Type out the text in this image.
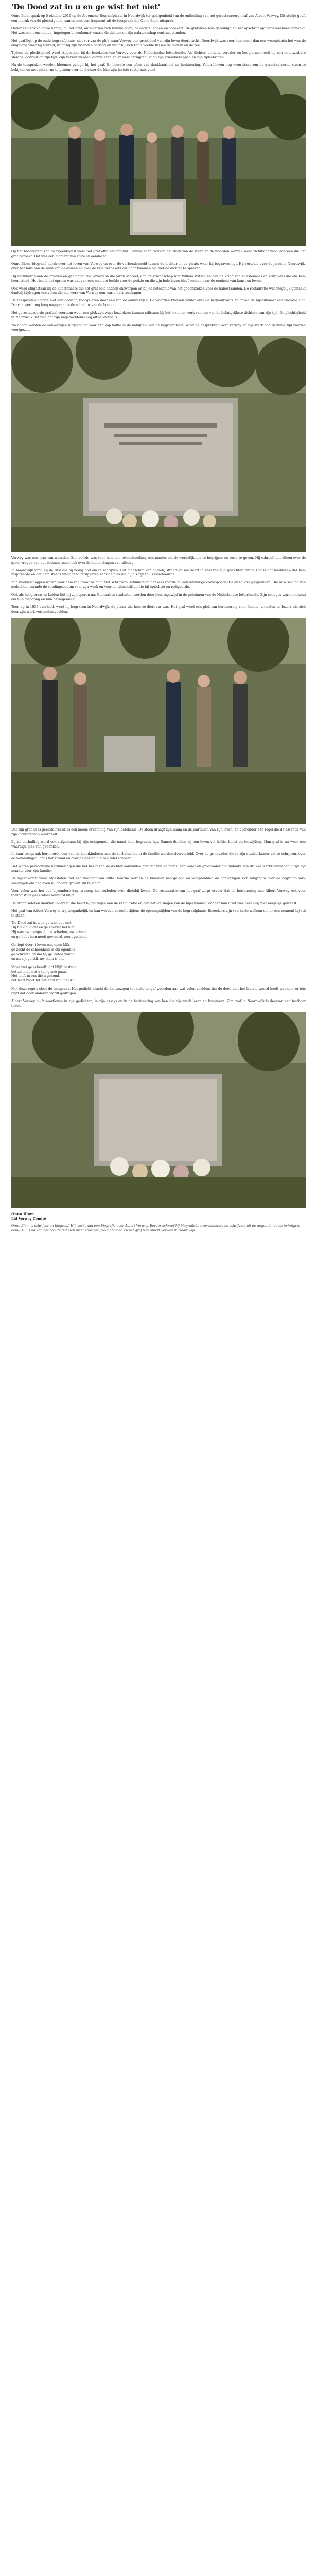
'De Dood zat in u en ge wist het niet'

Onno Blom sprak op 5 oktober 2019 op de Algemene Begraafplaats in Noordwijk ter gelegenheid van de onthulling van het gerestaureerd graf van Albert Verwey. Dit stukje geeft een indruk van de plechtigheid, samen met een fragment uit de toespraak die Onno Blom uitsprak.

Onder een strakblauwe hemel, bij het graf, ontmoetten zich familieleden, belangstellenden en sprekers. De grafsteen was gereinigd en het opschrift opnieuw leesbaar gemaakt. Het was een eenvoudige, ingetogen bijeenkomst waarin de dichter en zijn nalatenschap centraal stonden.

Het graf ligt op de oude begraafplaats, niet ver van de plek waar Verwey een groot deel van zijn leven doorbracht. Noordwijk was voor hem meer dan een woonplaats: het was de omgeving waar hij schreef, waar hij zijn vrienden ontving en waar hij zich thuis voelde tussen de duinen en de zee.

Tijdens de plechtigheid werd stilgestaan bij de betekenis van Verwey voor de Nederlandse letterkunde. Als dichter, criticus, vertaler en hoogleraar heeft hij een onuitwisbare stempel gedrukt op zijn tijd. Zijn verzen werden voorgelezen en er werd teruggeblikt op zijn vriendschappen en zijn tijdschriften.

Na de toespraken werden bloemen gelegd bij het graf. Er heerste een sfeer van dankbaarheid en herinnering. Velen bleven nog even staan om de gerestaureerde steen te bekijken en met elkaar na te praten over de dichter die hier zijn laatste rustplaats vond.

Op het hoogtepunt van de bijeenkomst werd het graf officieel onthuld. Familieleden trokken het doek van de steen en de woorden werden weer zichtbaar voor iedereen die het graf bezoekt. Het was een moment van stilte en aandacht.

Onno Blom, biograaf, sprak over het leven van Verwey en over de verbondenheid tussen de dichter en de plaats waar hij begraven ligt. Hij vertelde over de jaren in Noordwijk, over het huis aan de rand van de duinen en over de vele bezoekers die daar kwamen om met de dichter te spreken.

Hij herinnerde aan de brieven en gedichten die Verwey in die jaren schreef, aan de vriendschap met Willem Witsen en aan de kring van kunstenaars en schrijvers die om hem heen stond. Het beeld dat oprees was dat van een man die leefde voor de poëzie en die zijn hele leven bleef zoeken naar de eenheid van kunst en leven.

Ook werd stilgestaan bij de kunstenaars die het graf ooit hebben ontworpen en bij de betekenis van het gedenkteken voor de nabestaanden. De restauratie was mogelijk gemaakt dankzij bijdragen van velen die het werk van Verwey een warm hart toedragen.

De toespraak eindigde met een gedicht, voorgelezen door een van de aanwezigen. De woorden klonken helder over de begraafplaats en gaven de bijeenkomst een waardig slot. Daarna werd nog lang nagepraat in de schaduw van de bomen.

Het gerestaureerde graf zal voortaan weer een plek zijn waar bezoekers kunnen stilstaan bij het leven en werk van een van de belangrijkste dichters van zijn tijd. De plechtigheid in Noordwijk liet zien dat zijn nagedachtenis nog altijd levend is.

Na afloop werden de aanwezigen uitgenodigd voor een kop koffie in de nabijheid van de begraafplaats, waar de gesprekken over Verwey en zijn werk nog geruime tijd werden voortgezet.

Verwey was een man van woorden. Zijn poëzie was voor hem een levenshouding, een manier om de werkelijkheid te begrijpen en vorm te geven. Hij schreef niet alleen over de grote vragen van het bestaan, maar ook over de kleine dingen van alledag.

In Noordwijk vond hij de rust die hij nodig had om te schrijven. Het landschap van duinen, strand en zee keert in veel van zijn gedichten terug. Het is dat landschap dat hem inspireerde en dat hem steeds weer deed terugkeren naar de plek die hij als zijn thuis beschouwde.

Zijn vriendschappen waren voor hem van groot belang. Met schrijvers, schilders en denkers voerde hij een levendige correspondentie en talloze gesprekken. Die uitwisseling van gedachten vormde de voedingsbodem voor zijn werk en voor de tijdschriften die hij oprichtte en redigeerde.

Ook als hoogleraar in Leiden liet hij zijn sporen na. Generaties studenten werden door hem ingewijd in de geheimen van de Nederlandse letterkunde. Zijn colleges waren bekend om hun diepgang en hun bevlogenheid.

Toen hij in 1937 overleed, werd hij begraven in Noordwijk, de plaats die hem zo dierbaar was. Het graf werd een plek van herinnering voor familie, vrienden en lezers die zich door zijn werk verbonden voelden.

Dat zijn graf nu is gerestaureerd, is een mooie erkenning van zijn betekenis. De steen draagt zijn naam en de jaartallen van zijn leven, en daaronder een regel die de essentie van zijn dichterschap weergeeft.

Bij de onthulling werd ook stilgestaan bij zijn echtgenote, die naast hem begraven ligt. Samen deelden zij een leven vol liefde, kunst en toewijding. Hun graf is nu weer een waardige plek van gedenken.

In haar toespraak herinnerde een van de kleinkinderen aan de verhalen die in de familie werden doorverteld. Over de grootvader die in zijn studeerkamer zat te schrijven, over de wandelingen langs het strand en over de gasten die aan tafel schoven.

Het waren persoonlijke herinneringen die het beeld van de dichter aanvulden met dat van de mens: een vader en grootvader die ondanks zijn drukke werkzaamheden altijd tijd maakte voor zijn familie.

De bijeenkomst werd afgesloten met een moment van stilte. Daarna werden de bloemen neergelegd en verspreidden de aanwezigen zich langzaam over de begraafplaats, sommigen om nog even bij andere graven stil te staan.

Voor velen was het een bijzondere dag, waarop het verleden even dichtbij kwam. De restauratie van het graf zorgt ervoor dat de herinnering aan Albert Verwey ook voor toekomstige generaties bewaard blijft.

De organisatoren dankten iedereen die heeft bijgedragen aan de restauratie en aan het welslagen van de bijeenkomst. Zonder hun inzet was deze dag niet mogelijk geweest.

Het graf van Albert Verwey is vrij toegankelijk en kan worden bezocht tijdens de openingstijden van de begraafplaats. Bezoekers zijn van harte welkom om er een moment bij stil te staan.

'De Dood zat in u en ge wist het niet.
Hij hield u dicht en ge voeldet het niet.
Hij was uw metgezel, uw schaduw, uw vriend,
en ge hebt hem nooit gevreesd, nooit gediend.

Ge liept door 't leven met open blik,
ge zocht de schoonheid in elk ogenblik,
ge schreeft, ge dacht, ge leefde voluit,
en nu zijt ge stil, uw stem is uit.

Maar wat ge schreeft, dat blijft bestaan,
het zal niet met u ten grave gaan.
Het leeft in ons die u gekend,
het leeft voort tot het eind van 't end.'

Met deze regels sloot de toespraak. Het gedicht bracht de aanwezigen tot stilte en gaf woorden aan wat velen voelden: dat de dood niet het laatste woord heeft wanneer er iets blijft dat door anderen wordt gedragen.

Albert Verwey blijft voortleven in zijn gedichten, in zijn essays en in de herinnering van hen die zijn werk lezen en koesteren. Zijn graf in Noordwijk is daarvan een tastbaar teken.

Onno Blom

Lid Verwey Comité

Onno Blom is schrijver en biograaf. Hij werkt aan een biografie over Albert Verwey. Eerder schreef hij biografieën over schilders en schrijvers uit de negentiende en twintigste eeuw. Hij is lid van het comité dat zich inzet voor het gedachtegoed en het graf van Albert Verwey in Noordwijk.
